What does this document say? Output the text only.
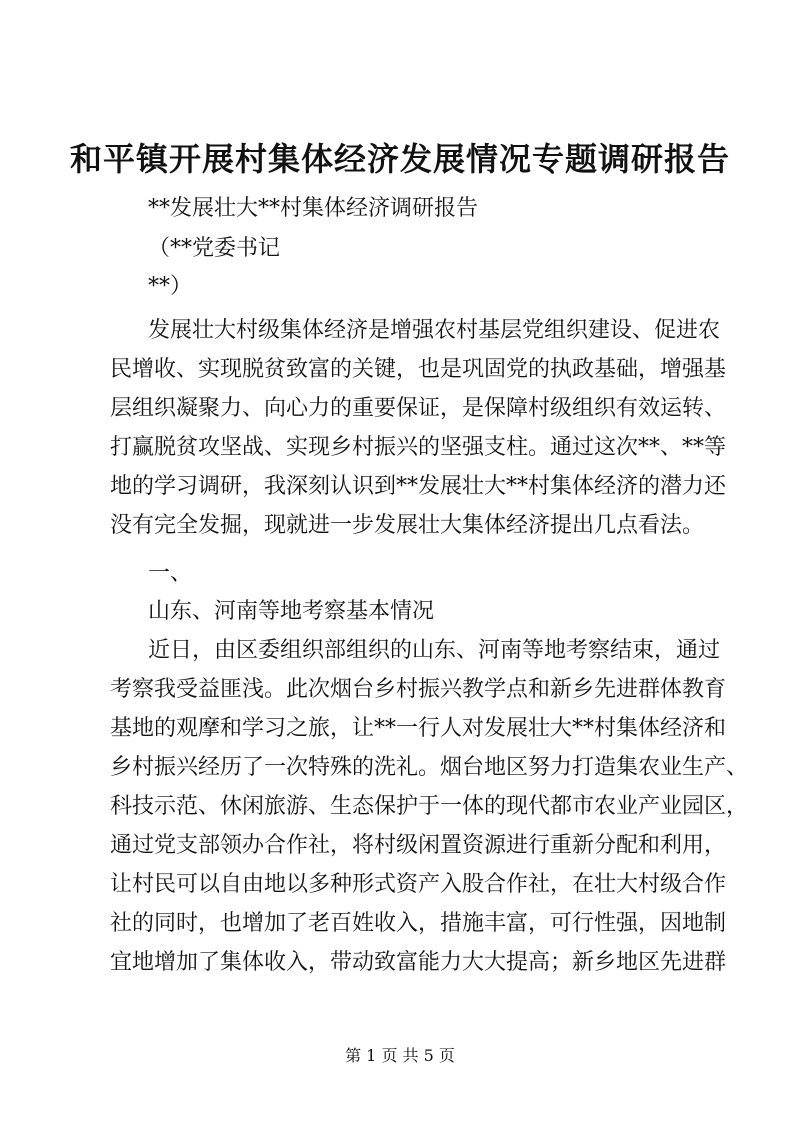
和平镇开展村集体经济发展情况专题调研报告
**发展壮大**村集体经济调研报告
（**党委书记
**）
发展壮大村级集体经济是增强农村基层党组织建设、促进农
民增收、实现脱贫致富的关键，也是巩固党的执政基础，增强基
层组织凝聚力、向心力的重要保证，是保障村级组织有效运转、
打赢脱贫攻坚战、实现乡村振兴的坚强支柱。通过这次**、**等
地的学习调研，我深刻认识到**发展壮大**村集体经济的潜力还
没有完全发掘，现就进一步发展壮大集体经济提出几点看法。
一、
山东、河南等地考察基本情况
近日，由区委组织部组织的山东、河南等地考察结束，通过
考察我受益匪浅。此次烟台乡村振兴教学点和新乡先进群体教育
基地的观摩和学习之旅，让**一行人对发展壮大**村集体经济和
乡村振兴经历了一次特殊的洗礼。烟台地区努力打造集农业生产、
科技示范、休闲旅游、生态保护于一体的现代都市农业产业园区，
通过党支部领办合作社，将村级闲置资源进行重新分配和利用，
让村民可以自由地以多种形式资产入股合作社，在壮大村级合作
社的同时，也增加了老百姓收入，措施丰富，可行性强，因地制
宜地增加了集体收入，带动致富能力大大提高；新乡地区先进群
第 1 页 共 5 页
